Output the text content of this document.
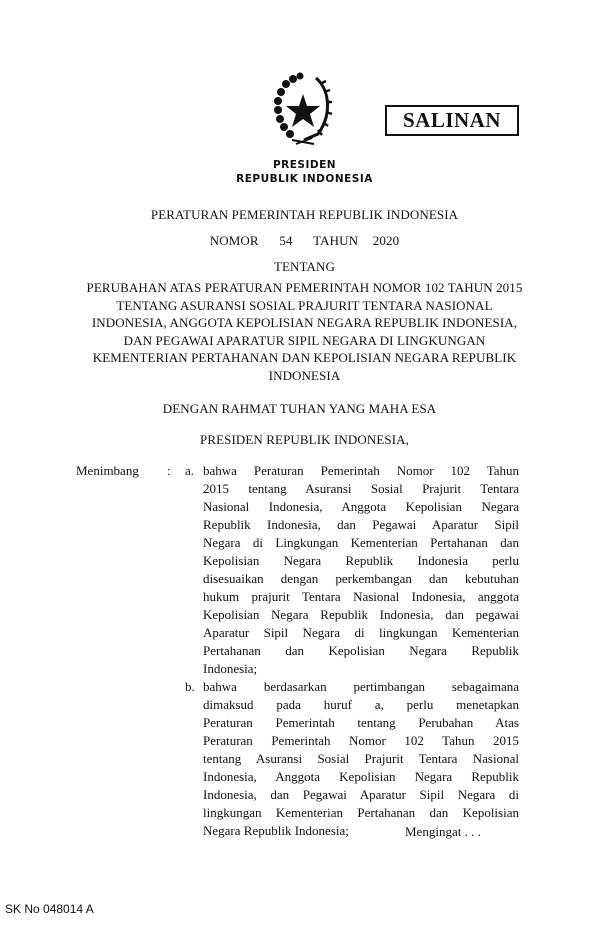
SALINAN
PRESIDEN
REPUBLIK INDONESIA
PERATURAN PEMERINTAH REPUBLIK INDONESIA
NOMOR 54 TAHUN 2020
TENTANG
PERUBAHAN ATAS PERATURAN PEMERINTAH NOMOR 102 TAHUN 2015
TENTANG ASURANSI SOSIAL PRAJURIT TENTARA NASIONAL
INDONESIA, ANGGOTA KEPOLISIAN NEGARA REPUBLIK INDONESIA,
DAN PEGAWAI APARATUR SIPIL NEGARA DI LINGKUNGAN
KEMENTERIAN PERTAHANAN DAN KEPOLISIAN NEGARA REPUBLIK
INDONESIA
DENGAN RAHMAT TUHAN YANG MAHA ESA
PRESIDEN REPUBLIK INDONESIA,
Menimbang : a. bahwa Peraturan Pemerintah Nomor 102 Tahun
2015 tentang Asuransi Sosial Prajurit Tentara
Nasional Indonesia, Anggota Kepolisian Negara
Republik Indonesia, dan Pegawai Aparatur Sipil
Negara di Lingkungan Kementerian Pertahanan dan
Kepolisian Negara Republik Indonesia perlu
disesuaikan dengan perkembangan dan kebutuhan
hukum prajurit Tentara Nasional Indonesia, anggota
Kepolisian Negara Republik Indonesia, dan pegawai
Aparatur Sipil Negara di lingkungan Kementerian
Pertahanan dan Kepolisian Negara Republik
Indonesia;
b. bahwa berdasarkan pertimbangan sebagaimana
dimaksud pada huruf a, perlu menetapkan
Peraturan Pemerintah tentang Perubahan Atas
Peraturan Pemerintah Nomor 102 Tahun 2015
tentang Asuransi Sosial Prajurit Tentara Nasional
Indonesia, Anggota Kepolisian Negara Republik
Indonesia, dan Pegawai Aparatur Sipil Negara di
lingkungan Kementerian Pertahanan dan Kepolisian
Negara Republik Indonesia;	Mengingat . . .
SK No 048014 A
